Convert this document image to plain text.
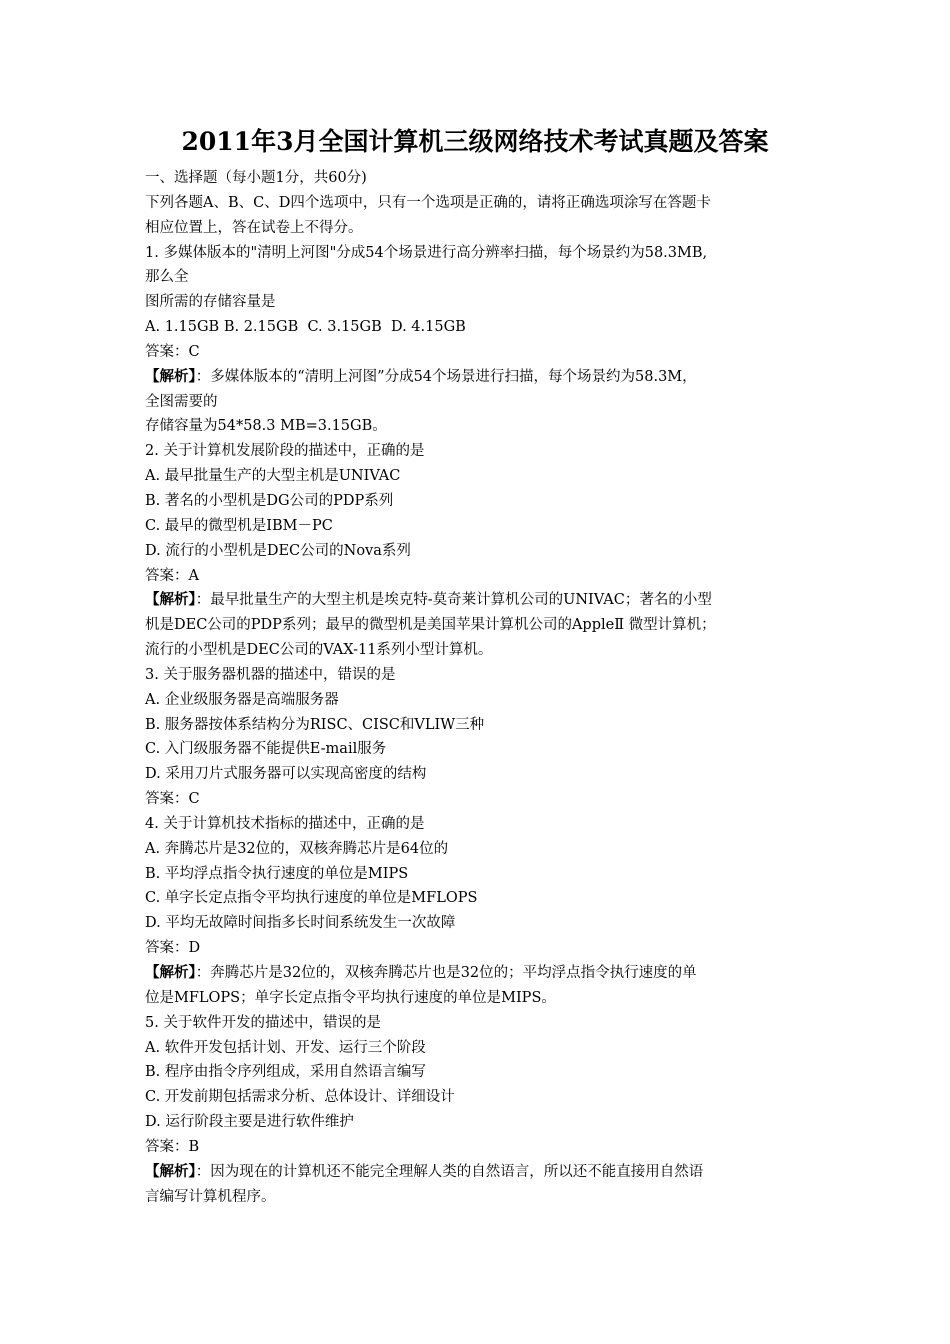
2011年3月全国计算机三级网络技术考试真题及答案
一、选择题（每小题1分，共60分)
下列各题A、B、C、D四个选项中，只有一个选项是正确的，请将正确选项涂写在答题卡
相应位置上，答在试卷上不得分。
1. 多媒体版本的"清明上河图"分成54个场景进行高分辨率扫描，每个场景约为58.3MB,
那么全
图所需的存储容量是
A. 1.15GB B. 2.15GB  C. 3.15GB  D. 4.15GB
答案：C
【解析】：多媒体版本的“清明上河图”分成54个场景进行扫描，每个场景约为58.3M，
全图需要的
存储容量为54*58.3 MB=3.15GB。
2. 关于计算机发展阶段的描述中，正确的是
A. 最早批量生产的大型主机是UNIVAC
B. 著名的小型机是DG公司的PDP系列
C. 最早的微型机是IBM－PC
D. 流行的小型机是DEC公司的Nova系列
答案：A
【解析】：最早批量生产的大型主机是埃克特-莫奇莱计算机公司的UNIVAC；著名的小型
机是DEC公司的PDP系列；最早的微型机是美国苹果计算机公司的AppleⅡ 微型计算机；
流行的小型机是DEC公司的VAX-11系列小型计算机。
3. 关于服务器机器的描述中，错误的是
A. 企业级服务器是高端服务器
B. 服务器按体系结构分为RISC、CISC和VLIW三种
C. 入门级服务器不能提供E-mail服务
D. 采用刀片式服务器可以实现高密度的结构
答案：C
4. 关于计算机技术指标的描述中，正确的是
A. 奔腾芯片是32位的，双核奔腾芯片是64位的
B. 平均浮点指令执行速度的单位是MIPS
C. 单字长定点指令平均执行速度的单位是MFLOPS
D. 平均无故障时间指多长时间系统发生一次故障
答案：D
【解析】：奔腾芯片是32位的，双核奔腾芯片也是32位的；平均浮点指令执行速度的单
位是MFLOPS；单字长定点指令平均执行速度的单位是MIPS。
5. 关于软件开发的描述中，错误的是
A. 软件开发包括计划、开发、运行三个阶段
B. 程序由指令序列组成，采用自然语言编写
C. 开发前期包括需求分析、总体设计、详细设计
D. 运行阶段主要是进行软件维护
答案：B
【解析】：因为现在的计算机还不能完全理解人类的自然语言，所以还不能直接用自然语
言编写计算机程序。
